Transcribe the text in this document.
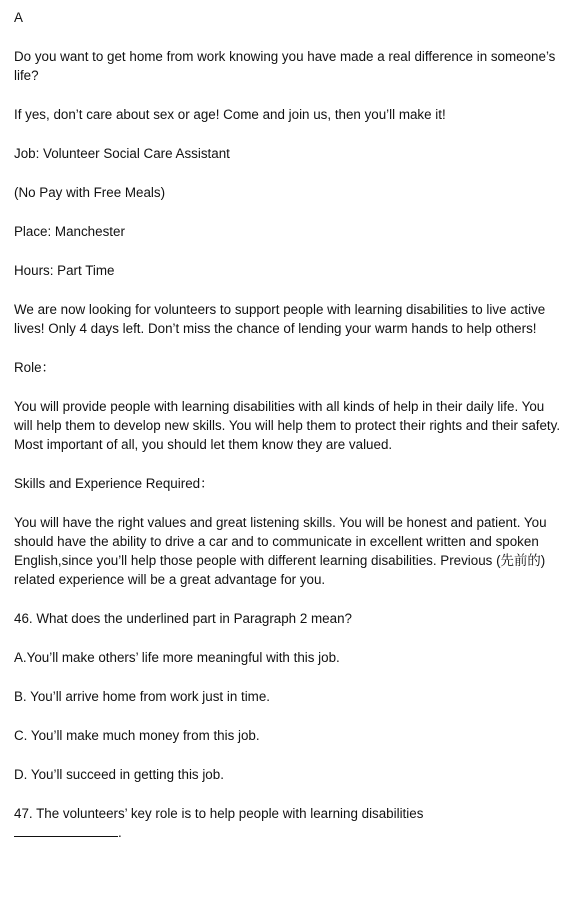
A

Do you want to get home from work knowing you have made a real difference in someone’s life?

If yes, don’t care about sex or age! Come and join us, then you’ll make it!

Job: Volunteer Social Care Assistant

(No Pay with Free Meals)

Place: Manchester

Hours: Part Time

We are now looking for volunteers to support people with learning disabilities to live active lives! Only 4 days left. Don’t miss the chance of lending your warm hands to help others!

Role：

You will provide people with learning disabilities with all kinds of help in their daily life. You will help them to develop new skills. You will help them to protect their rights and their safety. Most important of all, you should let them know they are valued.

Skills and Experience Required：

You will have the right values and great listening skills. You will be honest and patient. You should have the ability to drive a car and to communicate in excellent written and spoken English,since you’ll help those people with different learning disabilities. Previous (先前的) related experience will be a great advantage for you.

46. What does the underlined part in Paragraph 2 mean?

A.You’ll make others’ life more meaningful with this job.

B. You’ll arrive home from work just in time.

C. You’ll make much money from this job.

D. You’ll succeed in getting this job.

47. The volunteers’ key role is to help people with learning disabilities
.
